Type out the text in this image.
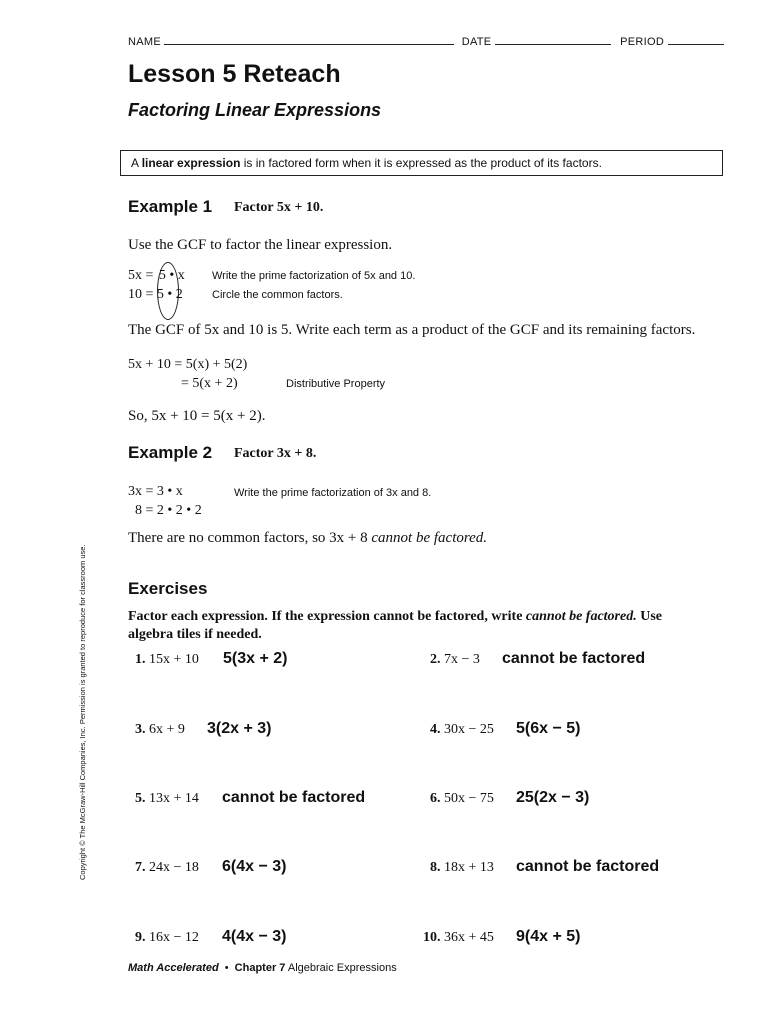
NAME	DATE	PERIOD
Lesson 5 Reteach
Factoring Linear Expressions
A linear expression is in factored form when it is expressed as the product of its factors.
Example 1 Factor 5x + 10.
Use the GCF to factor the linear expression.
5x = 5 • x Write the prime factorization of 5x and 10.
10 = 5 • 2	Circle the common factors.
The GCF of 5x and 10 is 5. Write each term as a product of the GCF and its remaining factors.
5x + 10 = 5(x) + 5(2)
= 5(x + 2)	Distributive Property
So, 5x + 10 = 5(x + 2).
Example 2 Factor 3x + 8.
3x = 3 • x	Write the prime factorization of 3x and 8.
8 = 2 • 2 • 2
There are no common factors, so 3x + 8 cannot be factored.
Exercises
Factor each expression. If the expression cannot be factored, write cannot be factored. Use
algebra tiles if needed.
1. 15x + 10 5(3x + 2)	2. 7x − 3 cannot be factored
3. 6x + 9 3(2x + 3)	4. 30x − 25 5(6x − 5)
5. 13x + 14 cannot be factored	6. 50x − 75 25(2x − 3)
7. 24x − 18 6(4x − 3)	8. 18x + 13 cannot be factored
9. 16x − 12 4(4x − 3)	10. 36x + 45 9(4x + 5)
Copyright © The McGraw-Hill Companies, Inc. Permission is granted to reproduce for classroom use.
Math Accelerated • Chapter 7 Algebraic Expressions
